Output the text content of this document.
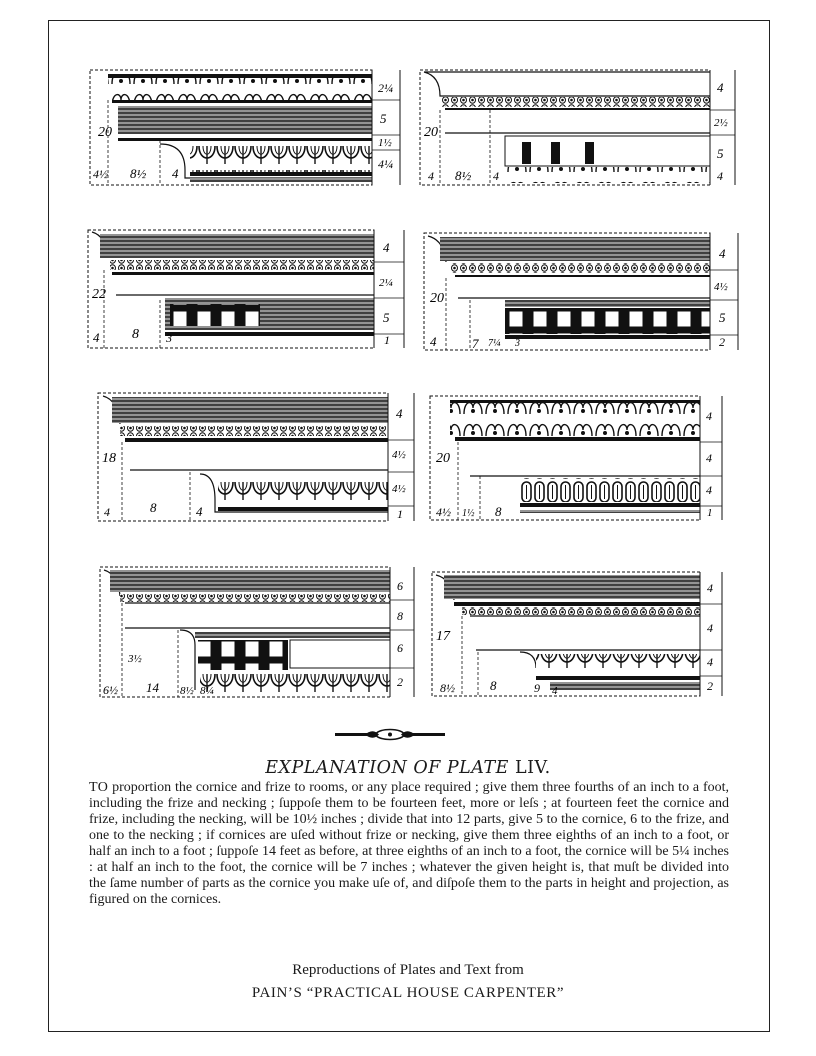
20
4½ 8½ 4
2¼
5
1½
4¼
20
4 8½ 4
4
2½
5
4
22
4 8 3
4
2¼
5
1
20
4	7 7¼ 3
4
4½
5
2
18
4	8	4
4
4½
4½
1
20
4½	8
1½
4
4
4
1
3½
6½ 14 8½ 8¼
6
8
6
2
17
8½	8	9 4
4
4
4
2
EXPLANATION OF PLATE LIV.

TO proportion the cornice and frize to rooms, or any place required ; give them three fourths of an inch to a foot, including the frize and necking ; ſuppoſe them to be fourteen feet, more or leſs ; at fourteen feet the cornice and frize, including the necking, will be 10½ inches ; divide that into 12 parts, give 5 to the cornice, 6 to the frize, and one to the necking ; if cornices are uſed without frize or necking, give them three eighths of an inch to a foot, or half an inch to a foot ; ſuppoſe 14 feet as before, at three eighths of an inch to a foot, the cornice will be 5¼ inches : at half an inch to the foot, the cornice will be 7 inches ; whatever the given height is, that muſt be divided into the ſame number of parts as the cornice you make uſe of, and diſpoſe them to the parts in height and projection, as figured on the cornices.

Reproductions of Plates and Text from
PAIN’S “PRACTICAL HOUSE CARPENTER”
